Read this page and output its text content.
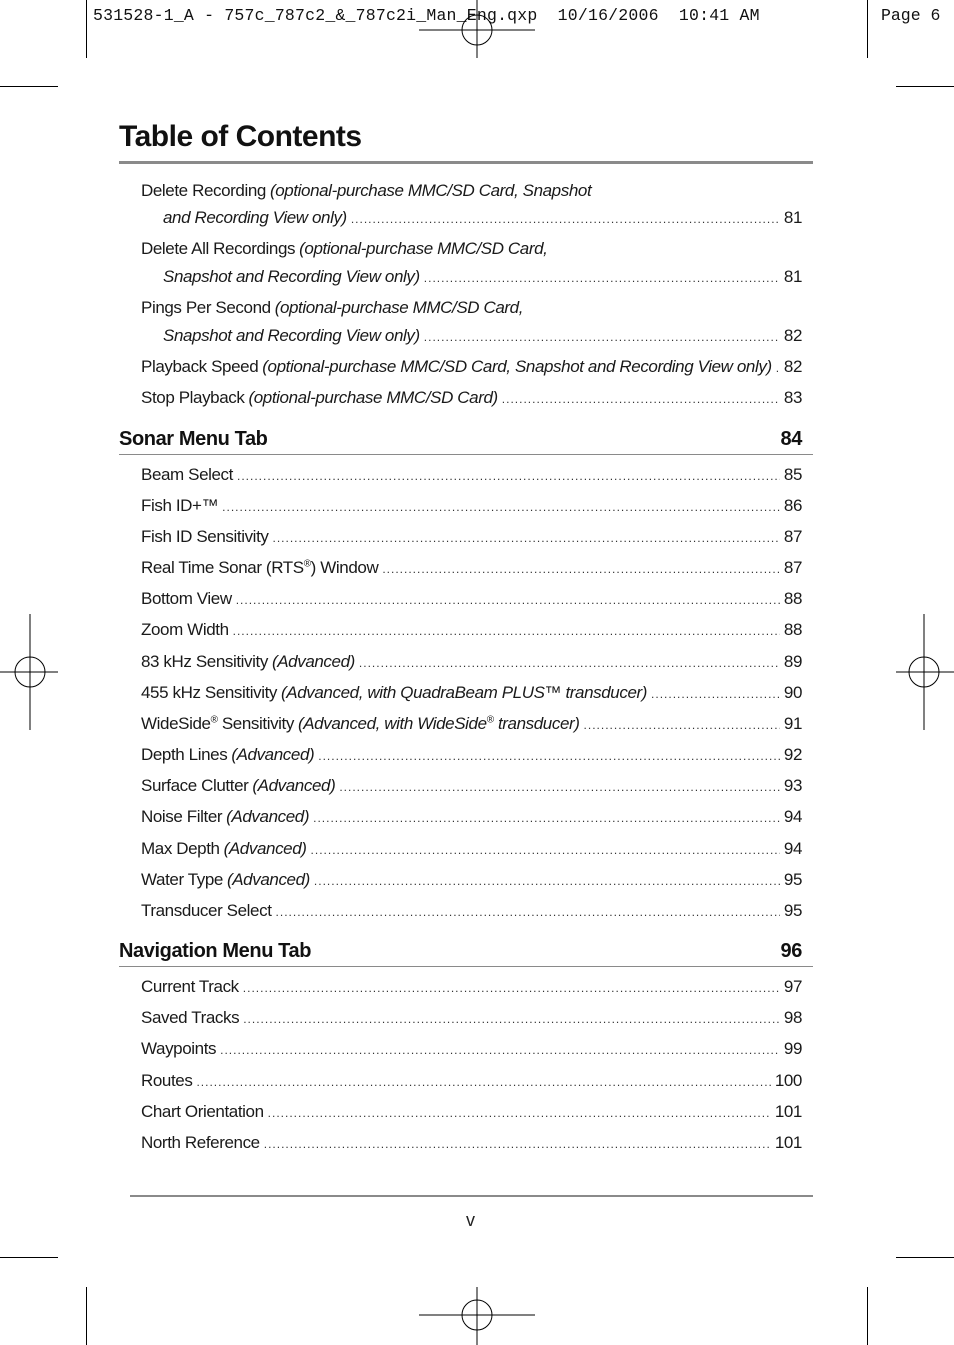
531528-1_A - 757c_787c2_&_787c2i_Man_Eng.qxp  10/16/2006  10:41 AM	Page 6
Table of Contents
Delete Recording (optional-purchase MMC/SD Card, Snapshot
and Recording View only) .....	81
Delete All Recordings (optional-purchase MMC/SD Card,
Snapshot and Recording View only) .....	81
Pings Per Second (optional-purchase MMC/SD Card,
Snapshot and Recording View only) .....	82
Playback Speed (optional-purchase MMC/SD Card, Snapshot and Recording View only) ..... 82
Stop Playback (optional-purchase MMC/SD Card) .....	83
Sonar Menu Tab	84
Beam Select .....	85
Fish ID+™ .....	86
Fish ID Sensitivity .....	87
Real Time Sonar (RTS®) Window .....	87
Bottom View .....	88
Zoom Width .....	88
83 kHz Sensitivity (Advanced) .....	89
455 kHz Sensitivity (Advanced, with QuadraBeam PLUS™ transducer) .....	90
WideSide® Sensitivity (Advanced, with WideSide® transducer) .....	91
Depth Lines (Advanced) .....	92
Surface Clutter (Advanced) .....	93
Noise Filter (Advanced) .....	94
Max Depth (Advanced) .....	94
Water Type (Advanced) .....	95
Transducer Select .....	95
Navigation Menu Tab	96
Current Track .....	97
Saved Tracks .....	98
Waypoints .....	99
Routes .....	100
Chart Orientation .....	101
North Reference .....	101
v
